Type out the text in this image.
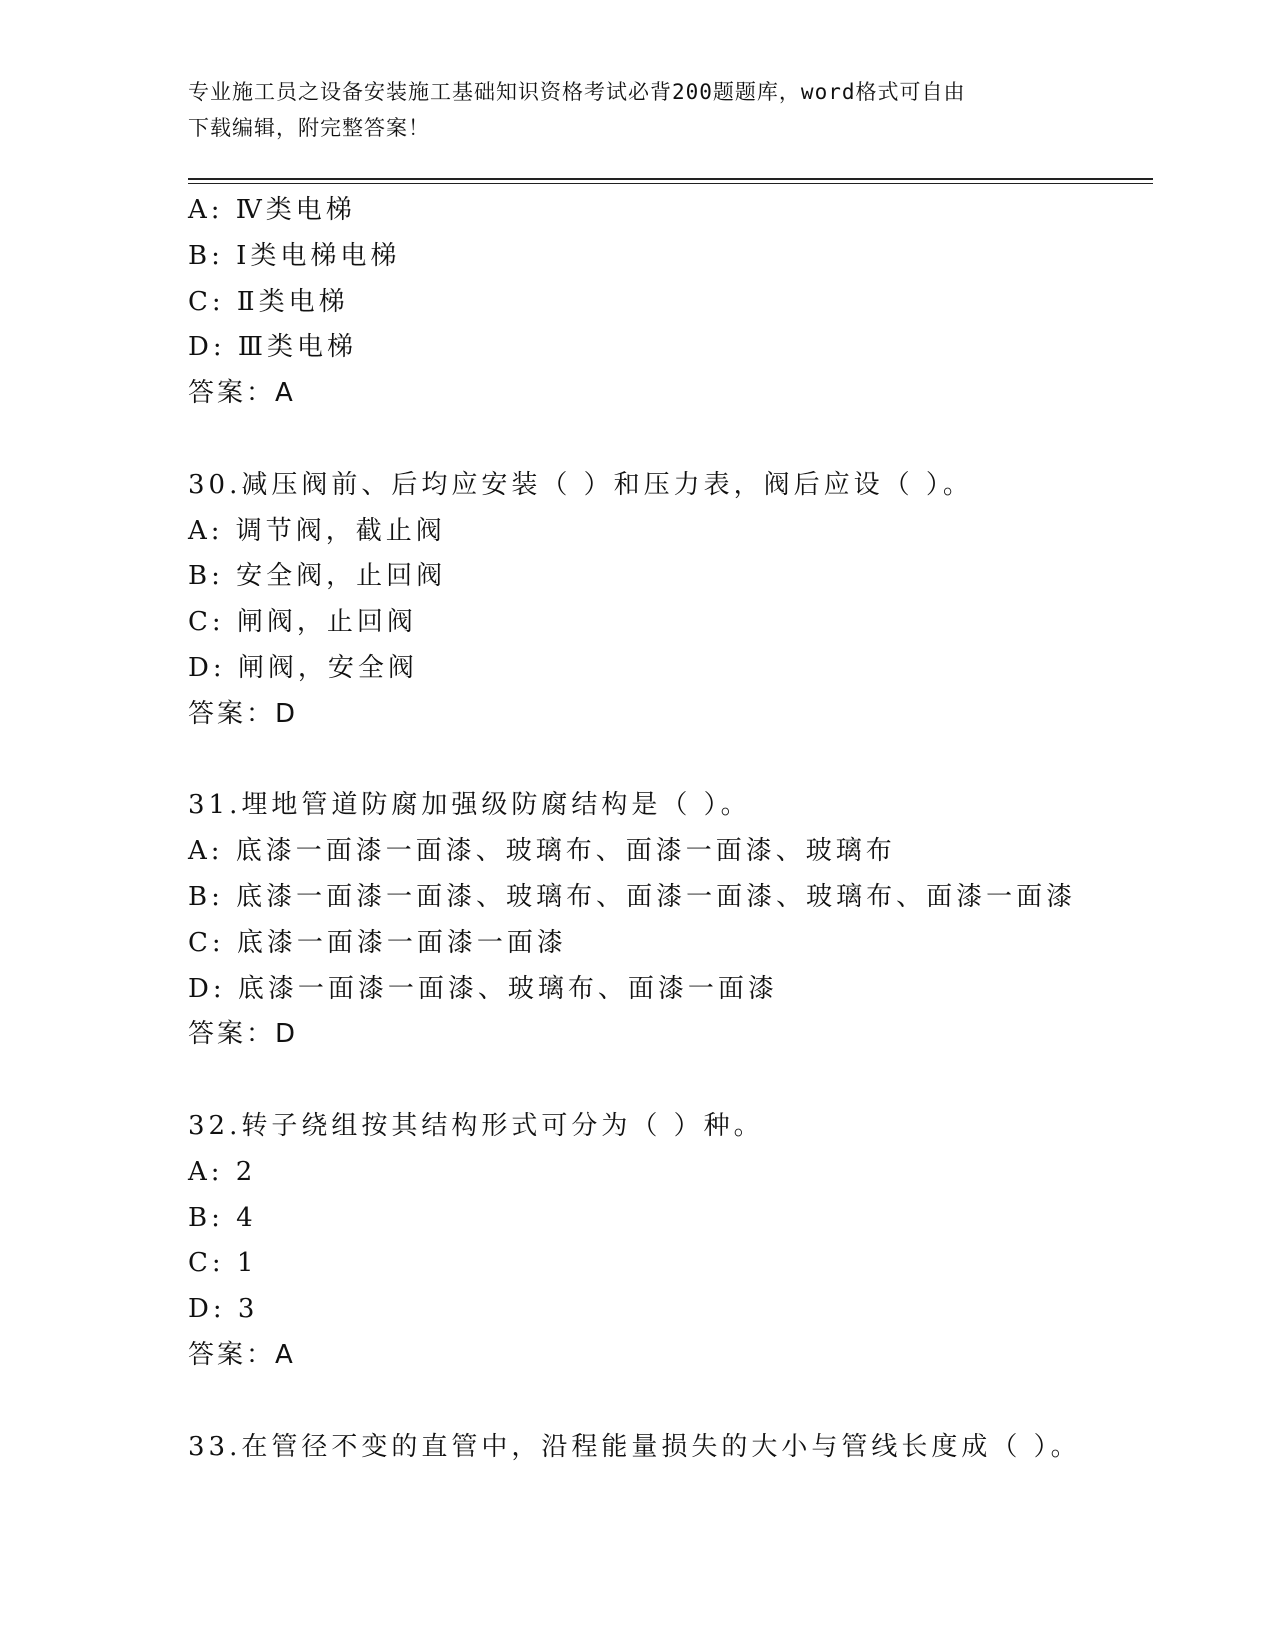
专业施工员之设备安装施工基础知识资格考试必背200题题库，word格式可自由
下载编辑，附完整答案！
A: Ⅳ类电梯
B: Ⅰ类电梯电梯
C: Ⅱ类电梯
D: Ⅲ类电梯
答案：A
30.减压阀前、后均应安装（ ）和压力表，阀后应设（ ）。
A: 调节阀，截止阀
B: 安全阀，止回阀
C: 闸阀，止回阀
D: 闸阀，安全阀
答案：D
31.埋地管道防腐加强级防腐结构是（ ）。
A: 底漆一面漆一面漆、玻璃布、面漆一面漆、玻璃布
B: 底漆一面漆一面漆、玻璃布、面漆一面漆、玻璃布、面漆一面漆
C: 底漆一面漆一面漆一面漆
D: 底漆一面漆一面漆、玻璃布、面漆一面漆
答案：D
32.转子绕组按其结构形式可分为（ ）种。
A: 2
B: 4
C: 1
D: 3
答案：A
33.在管径不变的直管中，沿程能量损失的大小与管线长度成（ ）。
